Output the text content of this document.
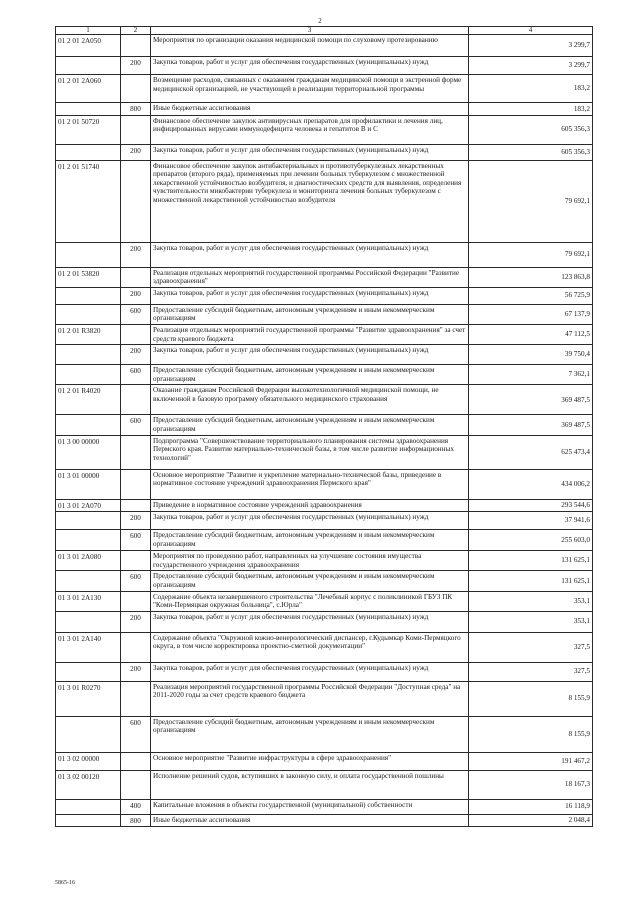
2
1	2	3	4
01 2 01 2A050		Мероприятия по организации оказания медицинской помощи по слуховому протезированию	3 299,7
	200	Закупка товаров, работ и услуг для обеспечения государственных (муниципальных) нужд	3 299,7
01 2 01 2A060		Возмещение расходов, связанных с оказанием гражданам медицинской помощи в экстренной форме медицинской организацией, не участвующей в реализации территориальной программы	183,2
	800	Иные бюджетные ассигнования	183,2
01 2 01 50720		Финансовое обеспечение закупок антивирусных препаратов для профилактики и лечения лиц, инфицированных вирусами иммунодефицита человека и гепатитов В и С	605 356,3
	200	Закупка товаров, работ и услуг для обеспечения государственных (муниципальных) нужд	605 356,3
01 2 01 51740		Финансовое обеспечение закупок антибактериальных и противотуберкулезных лекарственных препаратов (второго ряда), применяемых при лечении больных туберкулезом с множественной лекарственной устойчивостью возбудителя, и диагностических средств для выявления, определения чувствительности микобактерии туберкулеза и мониторинга лечения больных туберкулезом с множественной лекарственной устойчивостью возбудителя	79 692,1
	200	Закупка товаров, работ и услуг для обеспечения государственных (муниципальных) нужд	79 692,1
01 2 01 53820		Реализация отдельных мероприятий государственной программы Российской Федерации "Развитие здравоохранения"	123 863,8
	200	Закупка товаров, работ и услуг для обеспечения государственных (муниципальных) нужд	56 725,9
	600	Предоставление субсидий бюджетным, автономным учреждениям и иным некоммерческим организациям	67 137,9
01 2 01 R3820		Реализация отдельных мероприятий государственной программы "Развитие здравоохранения" за счет средств краевого бюджета	47 112,5
	200	Закупка товаров, работ и услуг для обеспечения государственных (муниципальных) нужд	39 750,4
	600	Предоставление субсидий бюджетным, автономным учреждениям и иным некоммерческим организациям	7 362,1
01 2 01 R4020		Оказание гражданам Российской Федерации высокотехнологичной медицинской помощи, не включенной в базовую программу обязательного медицинского страхования	369 487,5
	600	Предоставление субсидий бюджетным, автономным учреждениям и иным некоммерческим организациям	369 487,5
01 3 00 00000		Подпрограмма "Совершенствование территориального планирования системы здравоохранения Пермского края. Развитие материально-технической базы, в том числе развитие информационных технологий"	625 473,4
01 3 01 00000		Основное мероприятие "Развитие и укрепление материально-технической базы, приведение в нормативное состояние учреждений здравоохранения Пермского края"	434 006,2
01 3 01 2A070		Приведение в нормативное состояние учреждений здравоохранения	293 544,6
	200	Закупка товаров, работ и услуг для обеспечения государственных (муниципальных) нужд	37 941,6
	600	Предоставление субсидий бюджетным, автономным учреждениям и иным некоммерческим организациям	255 603,0
01 3 01 2A080		Мероприятия по проведению работ, направленных на улучшение состояния имущества государственного учреждения здравоохранения	131 625,1
	600	Предоставление субсидий бюджетным, автономным учреждениям и иным некоммерческим организациям	131 625,1
01 3 01 2A130		Содержание объекта незавершенного строительства "Лечебный корпус с поликлиникой ГБУЗ ПК "Коми-Пермяцкая окружная больница", с.Юрла"	353,1
	200	Закупка товаров, работ и услуг для обеспечения государственных (муниципальных) нужд	353,1
01 3 01 2A140		Содержание объекта "Окружной кожно-венерологический диспансер, г.Кудымкар Коми-Пермяцкого округа, в том числе корректировка проектно-сметной документации"	327,5
	200	Закупка товаров, работ и услуг для обеспечения государственных (муниципальных) нужд	327,5
01 3 01 R0270		Реализация мероприятий государственной программы Российской Федерации "Доступная среда" на 2011-2020 годы за счет средств краевого бюджета	8 155,9
	600	Предоставление субсидий бюджетным, автономным учреждениям и иным некоммерческим организациям	8 155,9
01 3 02 00000		Основное мероприятие "Развитие инфраструктуры в сфере здравоохранения"	191 467,2
01 3 02 00120		Исполнение решений судов, вступивших в законную силу, и оплата государственной пошлины	18 167,3
	400	Капитальные вложения в объекты государственной (муниципальной) собственности	16 118,9
	800	Иные бюджетные ассигнования	2 048,4
5865-16
